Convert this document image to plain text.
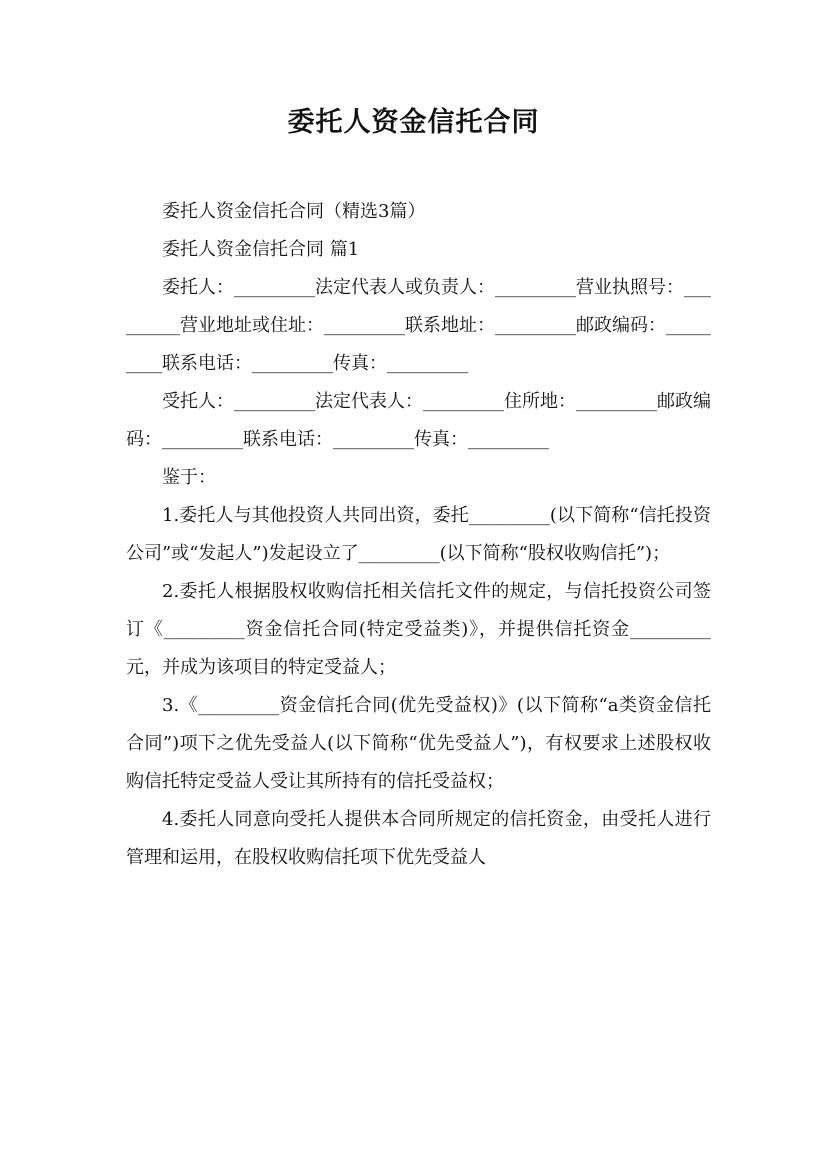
委托人资金信托合同

委托人资金信托合同（精选3篇）

委托人资金信托合同 篇1

委托人：_________法定代表人或负责人：_________营业执照号：_________营业地址或住址：_________联系地址：_________邮政编码：_________联系电话：_________传真：_________

受托人：_________法定代表人：_________住所地：_________邮政编码：_________联系电话：_________传真：_________

鉴于：

1.委托人与其他投资人共同出资，委托_________(以下简称“信托投资公司”或“发起人”)发起设立了_________(以下简称“股权收购信托”)；

2.委托人根据股权收购信托相关信托文件的规定，与信托投资公司签订《_________资金信托合同(特定受益类)》，并提供信托资金_________元，并成为该项目的特定受益人；

3.《_________资金信托合同(优先受益权)》(以下简称“a类资金信托合同”)项下之优先受益人(以下简称“优先受益人”)，有权要求上述股权收购信托特定受益人受让其所持有的信托受益权；

4.委托人同意向受托人提供本合同所规定的信托资金，由受托人进行管理和运用，在股权收购信托项下优先受益人
